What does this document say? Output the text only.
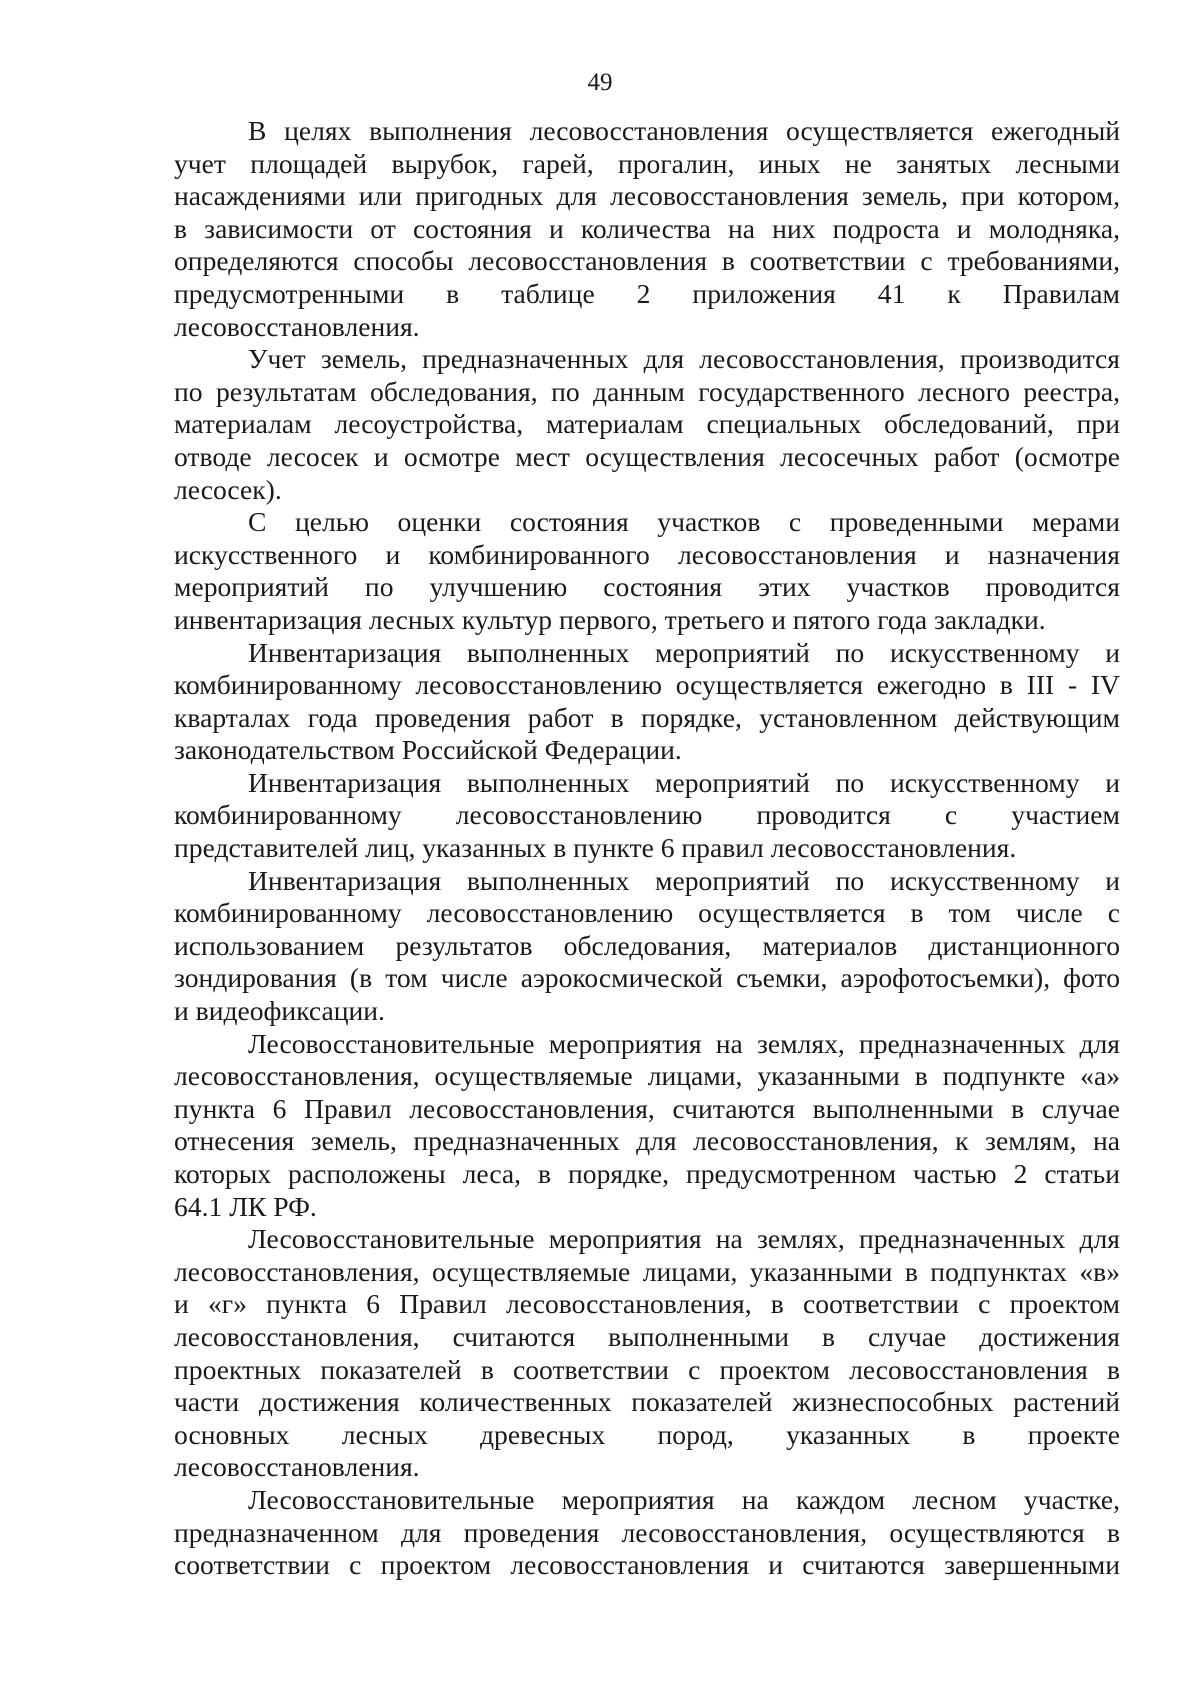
49
В целях выполнения лесовосстановления осуществляется ежегодный
учет площадей вырубок, гарей, прогалин, иных не занятых лесными
насаждениями или пригодных для лесовосстановления земель, при котором,
в зависимости от состояния и количества на них подроста и молодняка,
определяются способы лесовосстановления в соответствии с требованиями,
предусмотренными в таблице 2 приложения 41 к Правилам
лесовосстановления.
Учет земель, предназначенных для лесовосстановления, производится
по результатам обследования, по данным государственного лесного реестра,
материалам лесоустройства, материалам специальных обследований, при
отводе лесосек и осмотре мест осуществления лесосечных работ (осмотре
лесосек).
С целью оценки состояния участков с проведенными мерами
искусственного и комбинированного лесовосстановления и назначения
мероприятий по улучшению состояния этих участков проводится
инвентаризация лесных культур первого, третьего и пятого года закладки.
Инвентаризация выполненных мероприятий по искусственному и
комбинированному лесовосстановлению осуществляется ежегодно в III - IV
кварталах года проведения работ в порядке, установленном действующим
законодательством Российской Федерации.
Инвентаризация выполненных мероприятий по искусственному и
комбинированному лесовосстановлению проводится с участием
представителей лиц, указанных в пункте 6 правил лесовосстановления.
Инвентаризация выполненных мероприятий по искусственному и
комбинированному лесовосстановлению осуществляется в том числе с
использованием результатов обследования, материалов дистанционного
зондирования (в том числе аэрокосмической съемки, аэрофотосъемки), фото
и видеофиксации.
Лесовосстановительные мероприятия на землях, предназначенных для
лесовосстановления, осуществляемые лицами, указанными в подпункте «а»
пункта 6 Правил лесовосстановления, считаются выполненными в случае
отнесения земель, предназначенных для лесовосстановления, к землям, на
которых расположены леса, в порядке, предусмотренном частью 2 статьи
64.1 ЛК РФ.
Лесовосстановительные мероприятия на землях, предназначенных для
лесовосстановления, осуществляемые лицами, указанными в подпунктах «в»
и «г» пункта 6 Правил лесовосстановления, в соответствии с проектом
лесовосстановления, считаются выполненными в случае достижения
проектных показателей в соответствии с проектом лесовосстановления в
части достижения количественных показателей жизнеспособных растений
основных лесных древесных пород, указанных в проекте
лесовосстановления.
Лесовосстановительные мероприятия на каждом лесном участке,
предназначенном для проведения лесовосстановления, осуществляются в
соответствии с проектом лесовосстановления и считаются завершенными
